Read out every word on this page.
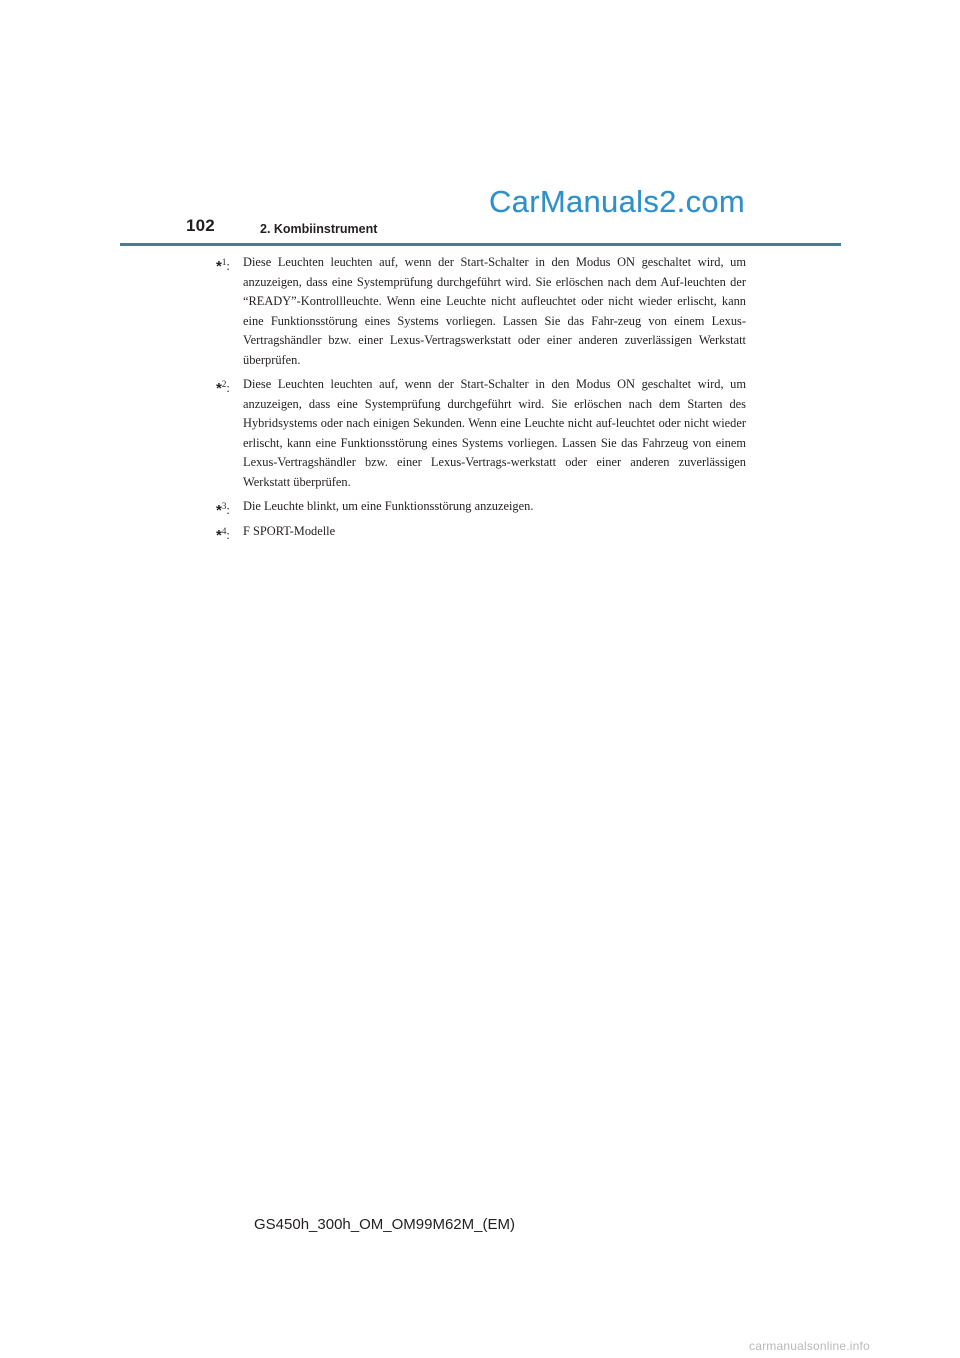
102	2. Kombiinstrument
CarManuals2.com
*$^1$: Diese Leuchten leuchten auf, wenn der Start-Schalter in den Modus ON geschaltet wird, um anzuzeigen, dass eine Systemprüfung durchgeführt wird. Sie erlöschen nach dem Auf-leuchten der “READY”-Kontrollleuchte. Wenn eine Leuchte nicht aufleuchtet oder nicht wieder erlischt, kann eine Funktionsstörung eines Systems vorliegen. Lassen Sie das Fahr-zeug von einem Lexus-Vertragshändler bzw. einer Lexus-Vertragswerkstatt oder einer anderen zuverlässigen Werkstatt überprüfen.
*$^2$: Diese Leuchten leuchten auf, wenn der Start-Schalter in den Modus ON geschaltet wird, um anzuzeigen, dass eine Systemprüfung durchgeführt wird. Sie erlöschen nach dem Starten des Hybridsystems oder nach einigen Sekunden. Wenn eine Leuchte nicht auf-leuchtet oder nicht wieder erlischt, kann eine Funktionsstörung eines Systems vorliegen. Lassen Sie das Fahrzeug von einem Lexus-Vertragshändler bzw. einer Lexus-Vertrags-werkstatt oder einer anderen zuverlässigen Werkstatt überprüfen.
*$^3$: Die Leuchte blinkt, um eine Funktionsstörung anzuzeigen.
*$^4$: F SPORT-Modelle
GS450h_300h_OM_OM99M62M_(EM)
carmanualsonline.info
